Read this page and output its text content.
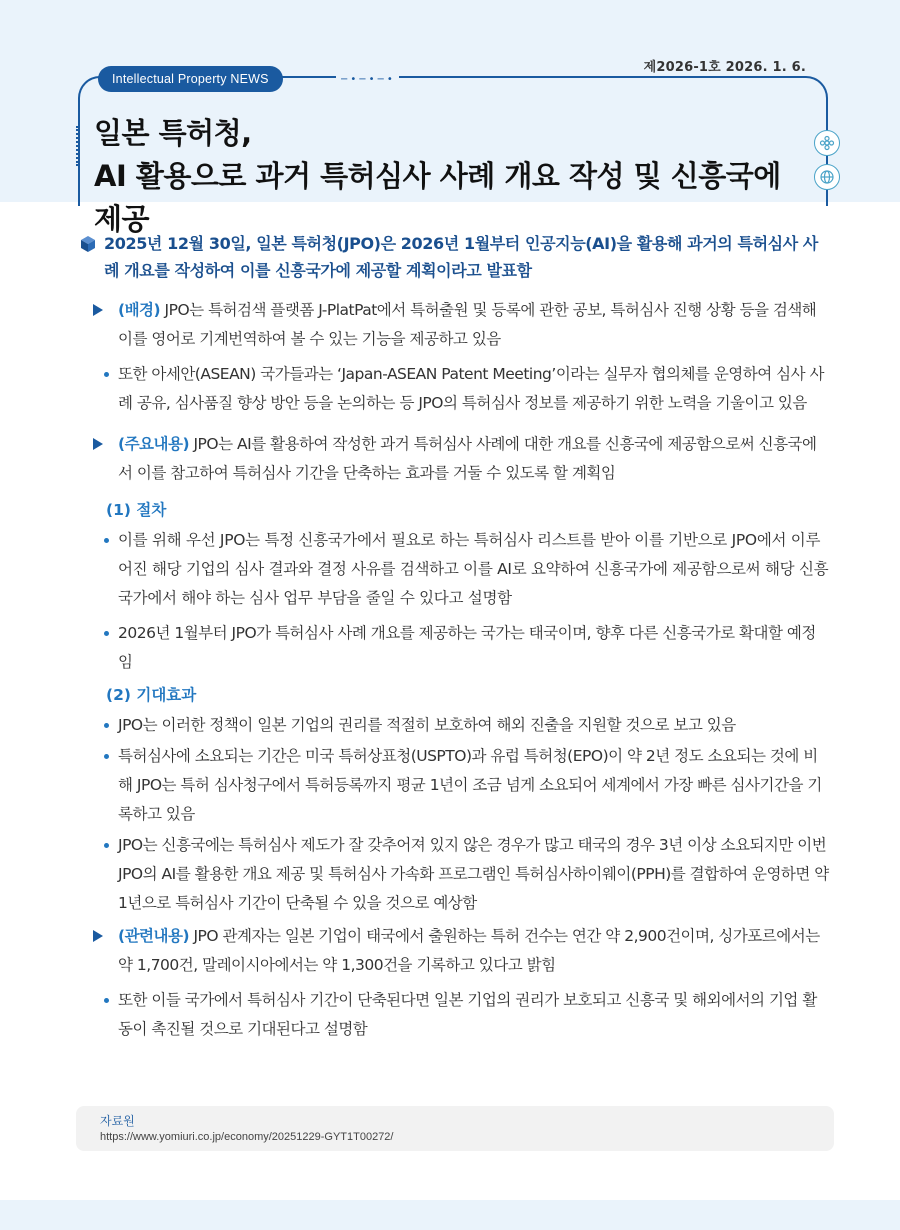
Intellectual Property NEWS	−•−•−•
제2026-1호 2026. 1. 6.
일본 특허청,
AI 활용으로 과거 특허심사 사례 개요 작성 및 신흥국에 제공
2025년 12월 30일, 일본 특허청(JPO)은 2026년 1월부터 인공지능(AI)을 활용해 과거의 특허심사 사례 개요를 작성하여 이를 신흥국가에 제공할 계획이라고 발표함
(배경) JPO는 특허검색 플랫폼 J-PlatPat에서 특허출원 및 등록에 관한 공보, 특허심사 진행 상황 등을 검색해 이를 영어로 기계번역하여 볼 수 있는 기능을 제공하고 있음
또한 아세안(ASEAN) 국가들과는 ‘Japan-ASEAN Patent Meeting’이라는 실무자 협의체를 운영하여 심사 사례 공유, 심사품질 향상 방안 등을 논의하는 등 JPO의 특허심사 정보를 제공하기 위한 노력을 기울이고 있음
(주요내용) JPO는 AI를 활용하여 작성한 과거 특허심사 사례에 대한 개요를 신흥국에 제공함으로써 신흥국에서 이를 참고하여 특허심사 기간을 단축하는 효과를 거둘 수 있도록 할 계획임
(1) 절차
이를 위해 우선 JPO는 특정 신흥국가에서 필요로 하는 특허심사 리스트를 받아 이를 기반으로 JPO에서 이루어진 해당 기업의 심사 결과와 결정 사유를 검색하고 이를 AI로 요약하여 신흥국가에 제공함으로써 해당 신흥국가에서 해야 하는 심사 업무 부담을 줄일 수 있다고 설명함
2026년 1월부터 JPO가 특허심사 사례 개요를 제공하는 국가는 태국이며, 향후 다른 신흥국가로 확대할 예정임
(2) 기대효과
JPO는 이러한 정책이 일본 기업의 권리를 적절히 보호하여 해외 진출을 지원할 것으로 보고 있음
특허심사에 소요되는 기간은 미국 특허상표청(USPTO)과 유럽 특허청(EPO)이 약 2년 정도 소요되는 것에 비해 JPO는 특허 심사청구에서 특허등록까지 평균 1년이 조금 넘게 소요되어 세계에서 가장 빠른 심사기간을 기록하고 있음
JPO는 신흥국에는 특허심사 제도가 잘 갖추어져 있지 않은 경우가 많고 태국의 경우 3년 이상 소요되지만 이번 JPO의 AI를 활용한 개요 제공 및 특허심사 가속화 프로그램인 특허심사하이웨이(PPH)를 결합하여 운영하면 약 1년으로 특허심사 기간이 단축될 수 있을 것으로 예상함
(관련내용) JPO 관계자는 일본 기업이 태국에서 출원하는 특허 건수는 연간 약 2,900건이며, 싱가포르에서는 약 1,700건, 말레이시아에서는 약 1,300건을 기록하고 있다고 밝힘
또한 이들 국가에서 특허심사 기간이 단축된다면 일본 기업의 권리가 보호되고 신흥국 및 해외에서의 기업 활동이 촉진될 것으로 기대된다고 설명함
자료원
https://www.yomiuri.co.jp/economy/20251229-GYT1T00272/
